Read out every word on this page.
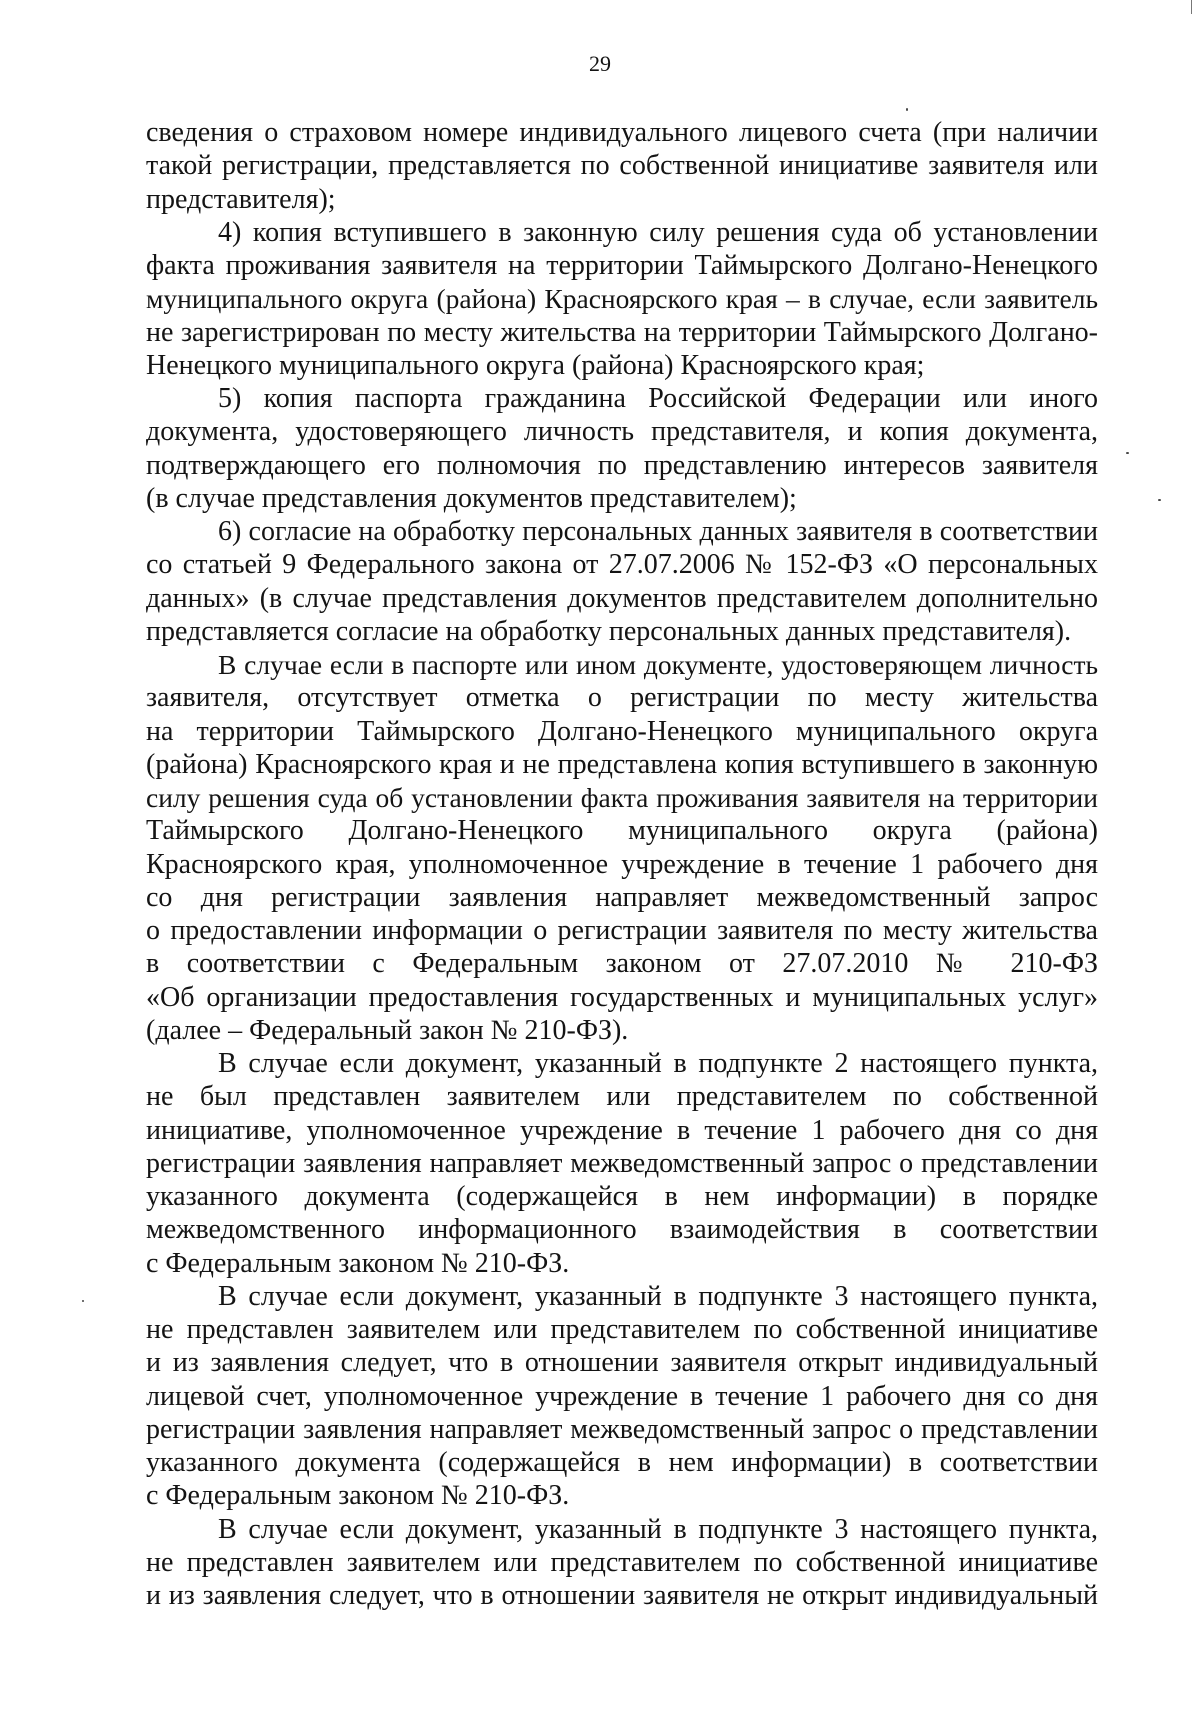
29
сведения о страховом номере индивидуального лицевого счета (при наличии
такой регистрации, представляется по собственной инициативе заявителя или
представителя);
4) копия вступившего в законную силу решения суда об установлении
факта проживания заявителя на территории Таймырского Долгано-Ненецкого
муниципального округа (района) Красноярского края – в случае, если заявитель
не зарегистрирован по месту жительства на территории Таймырского Долгано-
Ненецкого муниципального округа (района) Красноярского края;
5) копия паспорта гражданина Российской Федерации или иного
документа, удостоверяющего личность представителя, и копия документа,
подтверждающего его полномочия по представлению интересов заявителя
(в случае представления документов представителем);
6) согласие на обработку персональных данных заявителя в соответствии
со статьей 9 Федерального закона от 27.07.2006 № 152-ФЗ «О персональных
данных» (в случае представления документов представителем дополнительно
представляется согласие на обработку персональных данных представителя).
В случае если в паспорте или ином документе, удостоверяющем личность
заявителя, отсутствует отметка о регистрации по месту жительства
на территории Таймырского Долгано-Ненецкого муниципального округа
(района) Красноярского края и не представлена копия вступившего в законную
силу решения суда об установлении факта проживания заявителя на территории
Таймырского Долгано-Ненецкого муниципального округа (района)
Красноярского края, уполномоченное учреждение в течение 1 рабочего дня
со дня регистрации заявления направляет межведомственный запрос
о предоставлении информации о регистрации заявителя по месту жительства
в соответствии с Федеральным законом от 27.07.2010 № 210-ФЗ
«Об организации предоставления государственных и муниципальных услуг»
(далее – Федеральный закон № 210-ФЗ).
В случае если документ, указанный в подпункте 2 настоящего пункта,
не был представлен заявителем или представителем по собственной
инициативе, уполномоченное учреждение в течение 1 рабочего дня со дня
регистрации заявления направляет межведомственный запрос о представлении
указанного документа (содержащейся в нем информации) в порядке
межведомственного информационного взаимодействия в соответствии
с Федеральным законом № 210-ФЗ.
В случае если документ, указанный в подпункте 3 настоящего пункта,
не представлен заявителем или представителем по собственной инициативе
и из заявления следует, что в отношении заявителя открыт индивидуальный
лицевой счет, уполномоченное учреждение в течение 1 рабочего дня со дня
регистрации заявления направляет межведомственный запрос о представлении
указанного документа (содержащейся в нем информации) в соответствии
с Федеральным законом № 210-ФЗ.
В случае если документ, указанный в подпункте 3 настоящего пункта,
не представлен заявителем или представителем по собственной инициативе
и из заявления следует, что в отношении заявителя не открыт индивидуальный
